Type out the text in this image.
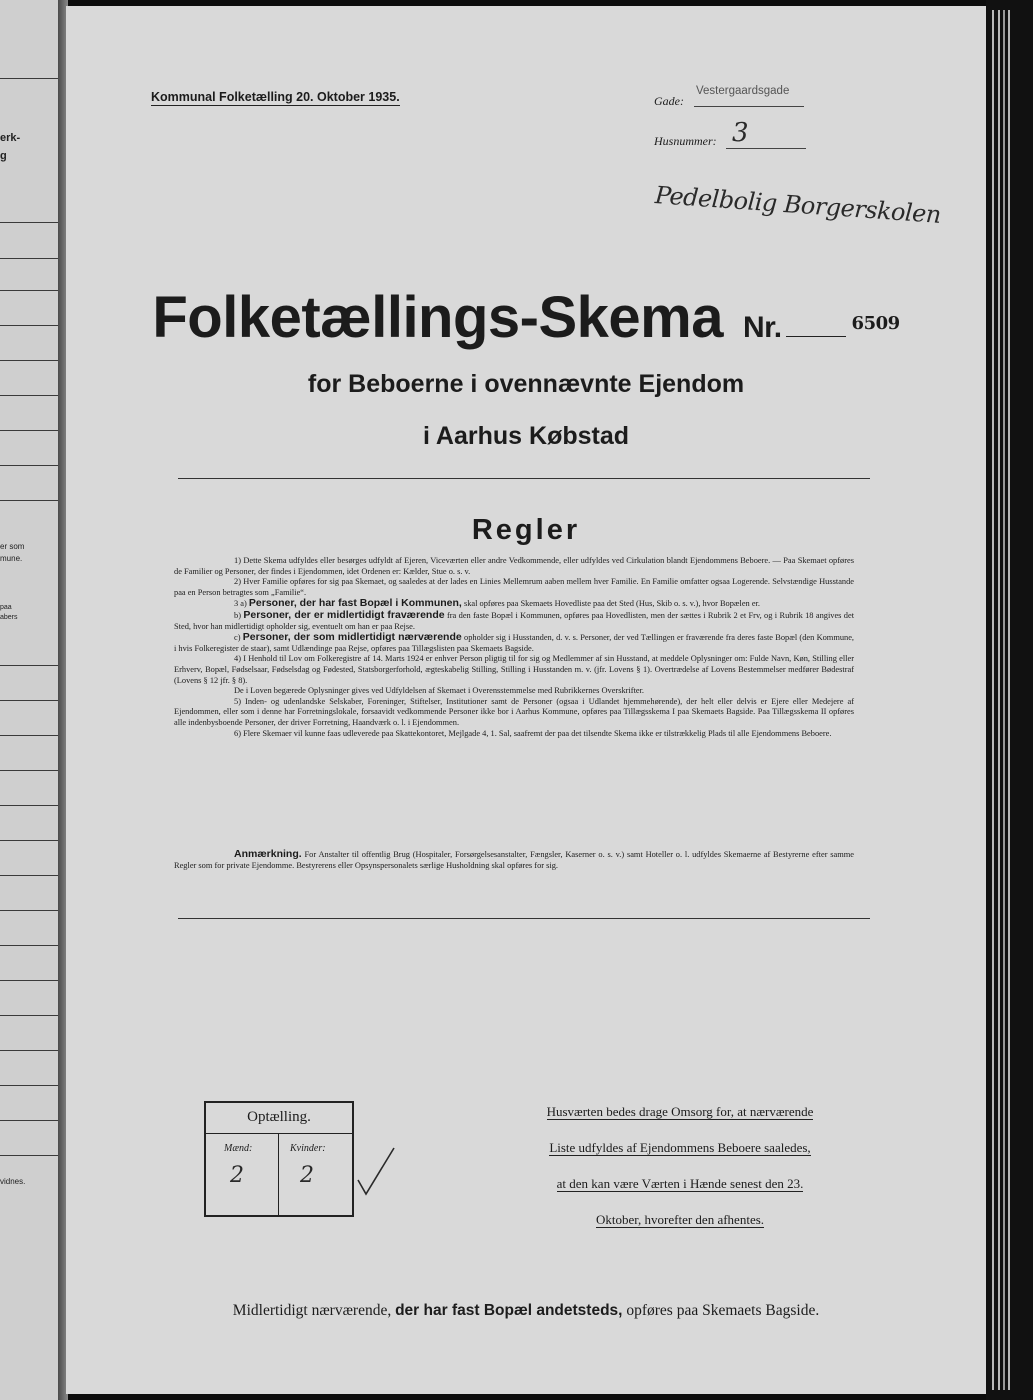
erk-
g
er som
mune.
paa
abers
vidnes.
Kommunal Folketælling 20. Oktober 1935.	Gade:
Vestergaardsgade
Husnummer: 3
Pedelbolig Borgerskolen
Folketællings-Skema Nr.	6509
for Beboerne i ovennævnte Ejendom
i Aarhus Købstad
Regler

1) Dette Skema udfyldes eller besørges udfyldt af Ejeren, Viceværten eller andre Vedkommende, eller udfyldes ved Cirkulation blandt Ejendommens Beboere. — Paa Skemaet opføres de Familier og Personer, der findes i Ejendommen, idet Ordenen er: Kælder, Stue o. s. v.

2) Hver Familie opføres for sig paa Skemaet, og saaledes at der lades en Linies Mellemrum aaben mellem hver Familie. En Familie omfatter ogsaa Logerende. Selvstændige Husstande paa en Person betragtes som „Familie“.

3 a) Personer, der har fast Bopæl i Kommunen, skal opføres paa Skemaets Hovedliste paa det Sted (Hus, Skib o. s. v.), hvor Bopælen er.

b) Personer, der er midlertidigt fraværende fra den faste Bopæl i Kommunen, opføres paa Hovedlisten, men der sættes i Rubrik 2 et Frv, og i Rubrik 18 angives det Sted, hvor han midlertidigt opholder sig, eventuelt om han er paa Rejse.

c) Personer, der som midlertidigt nærværende opholder sig i Husstanden, d. v. s. Personer, der ved Tællingen er fraværende fra deres faste Bopæl (den Kommune, i hvis Folkeregister de staar), samt Udlændinge paa Rejse, opføres paa Tillægslisten paa Skemaets Bagside.

4) I Henhold til Lov om Folkeregistre af 14. Marts 1924 er enhver Person pligtig til for sig og Medlemmer af sin Husstand, at meddele Oplysninger om: Fulde Navn, Køn, Stilling eller Erhverv, Bopæl, Fødselsaar, Fødselsdag og Fødested, Statsborgerforhold, ægteskabelig Stilling, Stilling i Husstanden m. v. (jfr. Lovens § 1). Overtrædelse af Lovens Bestemmelser medfører Bødestraf (Lovens § 12 jfr. § 8).

De i Loven begærede Oplysninger gives ved Udfyldelsen af Skemaet i Overensstemmelse med Rubrikkernes Overskrifter.

5) Inden- og udenlandske Selskaber, Foreninger, Stiftelser, Institutioner samt de Personer (ogsaa i Udlandet hjemmehørende), der helt eller delvis er Ejere eller Medejere af Ejendommen, eller som i denne har Forretningslokale, forsaavidt vedkommende Personer ikke bor i Aarhus Kommune, opføres paa Tillægsskema I paa Skemaets Bagside. Paa Tillægsskema II opføres alle indenbysboende Personer, der driver Forretning, Haandværk o. l. i Ejendommen.

6) Flere Skemaer vil kunne faas udleverede paa Skattekontoret, Mejlgade 4, 1. Sal, saafremt der paa det tilsendte Skema ikke er tilstrækkelig Plads til alle Ejendommens Beboere.

Anmærkning. For Anstalter til offentlig Brug (Hospitaler, Forsørgelsesanstalter, Fængsler, Kaserner o. s. v.) samt Hoteller o. l. udfyldes Skemaerne af Bestyrerne efter samme Regler som for private Ejendomme. Bestyrerens eller Opsynspersonalets særlige Husholdning skal opføres for sig.
Optælling.
Mænd:	Kvinder:
2	2
Husværten bedes drage Omsorg for, at nærværende
Liste udfyldes af Ejendommens Beboere saaledes,
at den kan være Værten i Hænde senest den 23.
Oktober, hvorefter den afhentes.
Midlertidigt nærværende, der har fast Bopæl andetsteds, opføres paa Skemaets Bagside.
